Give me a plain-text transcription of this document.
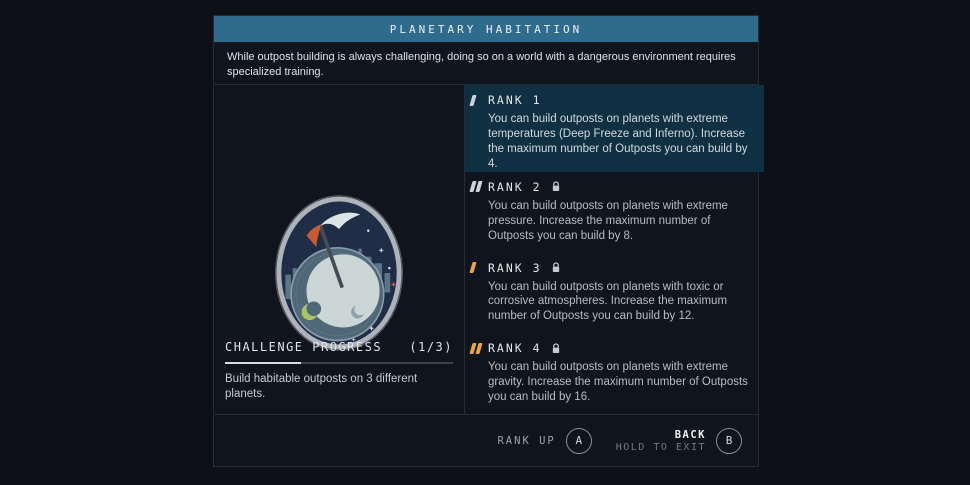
PLANETARY HABITATION
While outpost building is always challenging, doing so on a world with a dangerous environment requires specialized training.
CHALLENGE PROGRESS (1/3)
Build habitable outposts on 3 different planets.
RANK 1
You can build outposts on planets with extreme temperatures (Deep Freeze and Inferno). Increase the maximum number of Outposts you can build by 4.
RANK 2
You can build outposts on planets with extreme pressure. Increase the maximum number of Outposts you can build by 8.
RANK 3
You can build outposts on planets with toxic or corrosive atmospheres. Increase the maximum number of Outposts you can build by 12.
RANK 4
You can build outposts on planets with extreme gravity. Increase the maximum number of Outposts you can build by 16.
RANK UP	A	BACK
HOLD TO EXIT	B
